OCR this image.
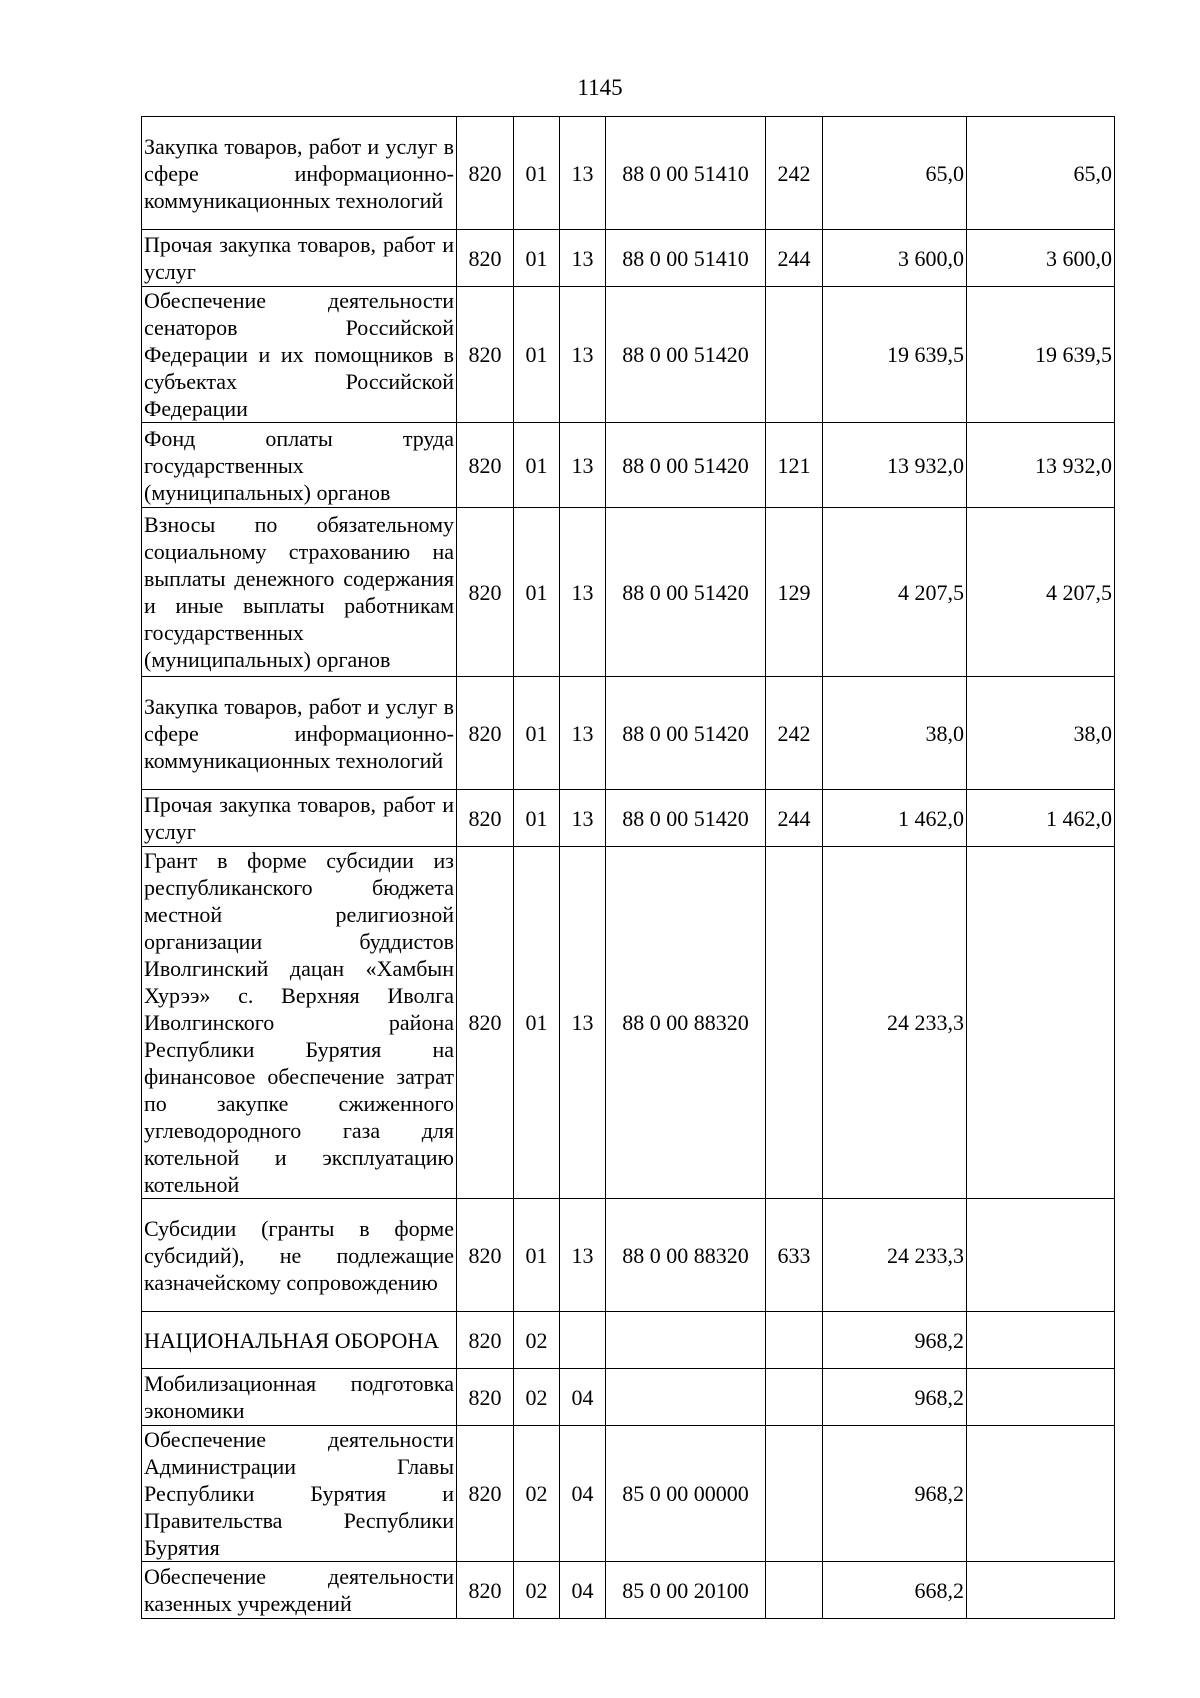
1145
Закупка товаров, работ и услуг в сфере информационно-коммуникационных технологий	820	01	13	88 0 00 51410	242	65,0	65,0
Прочая закупка товаров, работ и услуг	820	01	13	88 0 00 51410	244	3 600,0	3 600,0
Обеспечение деятельности сенаторов Российской Федерации и их помощников в субъектах Российской Федерации	820	01	13	88 0 00 51420		19 639,5	19 639,5
Фонд оплаты труда государственных (муниципальных) органов	820	01	13	88 0 00 51420	121	13 932,0	13 932,0
Взносы по обязательному социальному страхованию на выплаты денежного содержания и иные выплаты работникам государственных (муниципальных) органов	820	01	13	88 0 00 51420	129	4 207,5	4 207,5
Закупка товаров, работ и услуг в сфере информационно-коммуникационных технологий	820	01	13	88 0 00 51420	242	38,0	38,0
Прочая закупка товаров, работ и услуг	820	01	13	88 0 00 51420	244	1 462,0	1 462,0
Грант в форме субсидии из республиканского бюджета местной религиозной организации буддистов Иволгинский дацан «Хамбын Хурээ» с. Верхняя Иволга Иволгинского района Республики Бурятия на финансовое обеспечение затрат по закупке сжиженного углеводородного газа для котельной и эксплуатацию котельной	820	01	13	88 0 00 88320		24 233,3	
Субсидии (гранты в форме субсидий), не подлежащие казначейскому сопровождению	820	01	13	88 0 00 88320	633	24 233,3	
НАЦИОНАЛЬНАЯ ОБОРОНА	820	02				968,2	
Мобилизационная подготовка экономики	820	02	04			968,2	
Обеспечение деятельности Администрации Главы Республики Бурятия и Правительства Республики Бурятия	820	02	04	85 0 00 00000		968,2	
Обеспечение деятельности казенных учреждений	820	02	04	85 0 00 20100		668,2	
